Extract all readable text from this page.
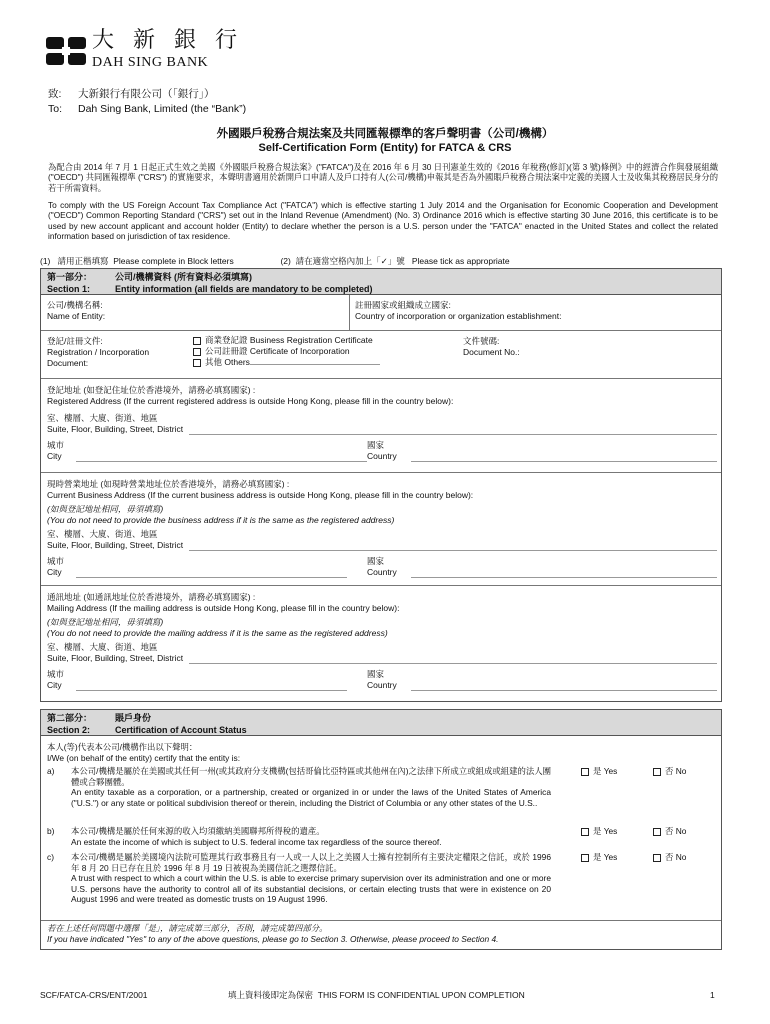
大 新 銀 行
DAH SING BANK
致: 大新銀行有限公司（「銀行」）
To: Dah Sing Bank, Limited (the “Bank”)
外國賬戶稅務合規法案及共同匯報標準的客戶聲明書（公司/機構）
Self-Certification Form (Entity) for FATCA & CRS
為配合由 2014 年 7 月 1 日起正式生效之美國《外國賬戶稅務合規法案》("FATCA")及在 2016 年 6 月 30 日刊憲並生效的《2016 年稅務(修訂)(第 3 號)條例》中的經濟合作與發展組織 ("OECD") 共同匯報標準 ("CRS") 的實施要求，本聲明書適用於新開戶口申請人及戶口持有人(公司/機構)申報其是否為外國賬戶稅務合規法案中定義的美國人士及收集其稅務居民身分的若干所需資料。
To comply with the US Foreign Account Tax Compliance Act ("FATCA") which is effective starting 1 July 2014 and the Organisation for Economic Cooperation and Development ("OECD") Common Reporting Standard ("CRS") set out in the Inland Revenue (Amendment) (No. 3) Ordinance 2016 which is effective starting 30 June 2016, this certificate is to be used by new account applicant and account holder (Entity) to declare whether the person is a U.S. person under the "FATCA" enacted in the United States and collect the related information based on jurisdiction of tax residence.
(1) 請用正楷填寫 Please complete in Block letters	(2) 請在適當空格內加上「✓」號 Please tick as appropriate
第一部分：	公司/機構資料 (所有資料必須填寫)
Section 1:	Entity information (all fields are mandatory to be completed)
公司/機構名稱:
Name of Entity:
註冊國家或組織成立國家:
Country of incorporation or organization establishment:
登記/註冊文件:
Registration / Incorporation
Document:
商業登記證 Business Registration Certificate
公司註冊證 Certificate of Incorporation
其他 Others
文件號碼:
Document No.:
登記地址 (如登記住址位於香港境外，請務必填寫國家) :
Registered Address (If the current registered address is outside Hong Kong, please fill in the country below):
室、樓層、大廈、街道、地區
Suite, Floor, Building, Street, District
城市
City
國家
Country
現時營業地址 (如現時營業地址位於香港境外，請務必填寫國家) :
Current Business Address (If the current business address is outside Hong Kong, please fill in the country below):
(如與登記地址相同，毋須填寫)
(You do not need to provide the business address if it is the same as the registered address)
室、樓層、大廈、街道、地區
Suite, Floor, Building, Street, District
城市
City
國家
Country
通訊地址 (如通訊地址位於香港境外，請務必填寫國家) :
Mailing Address (If the mailing address is outside Hong Kong, please fill in the country below):
(如與登記地址相同，毋須填寫)
(You do not need to provide the mailing address if it is the same as the registered address)
室、樓層、大廈、街道、地區
Suite, Floor, Building, Street, District
城市
City
國家
Country
第二部分：	賬戶身份
Section 2:	Certification of Account Status
本人(等)代表本公司/機構作出以下聲明：
I/We (on behalf of the entity) certify that the entity is:
a) 本公司/機構是屬於在美國或其任何一州(或其政府分支機構(包括哥倫比亞特區或其他州在內)之法律下所成立或組成或組建的法人團體或合夥團體。
An entity taxable as a corporation, or a partnership, created or organized in or under the laws of the United States of America ("U.S.") or any state or political subdivision thereof or therein, including the District of Columbia or any other states of the U.S..
是 Yes	否 No
b) 本公司/機構是屬於任何來源的收入均須繳納美國聯邦所得稅的遺產。
An estate the income of which is subject to U.S. federal income tax regardless of the source thereof.
是 Yes	否 No
c) 本公司/機構是屬於美國境內法院可監理其行政事務且有一人或一人以上之美國人士擁有控制所有主要決定權限之信託，或於 1996 年 8 月 20 日已存在且於 1996 年 8 月 19 日被視為美國信託之選擇信託。
A trust with respect to which a court within the U.S. is able to exercise primary supervision over its administration and one or more U.S. persons have the authority to control all of its substantial decisions, or certain electing trusts that were in existence on 20 August 1996 and were treated as domestic trusts on 19 August 1996.
是 Yes	否 No
若在上述任何問題中選擇「是」，請完成第三部分，否則，請完成第四部分。
If you have indicated "Yes" to any of the above questions, please go to Section 3. Otherwise, please proceed to Section 4.
SCF/FATCA-CRS/ENT/2001	填上資料後即定為保密 THIS FORM IS CONFIDENTIAL UPON COMPLETION	1
